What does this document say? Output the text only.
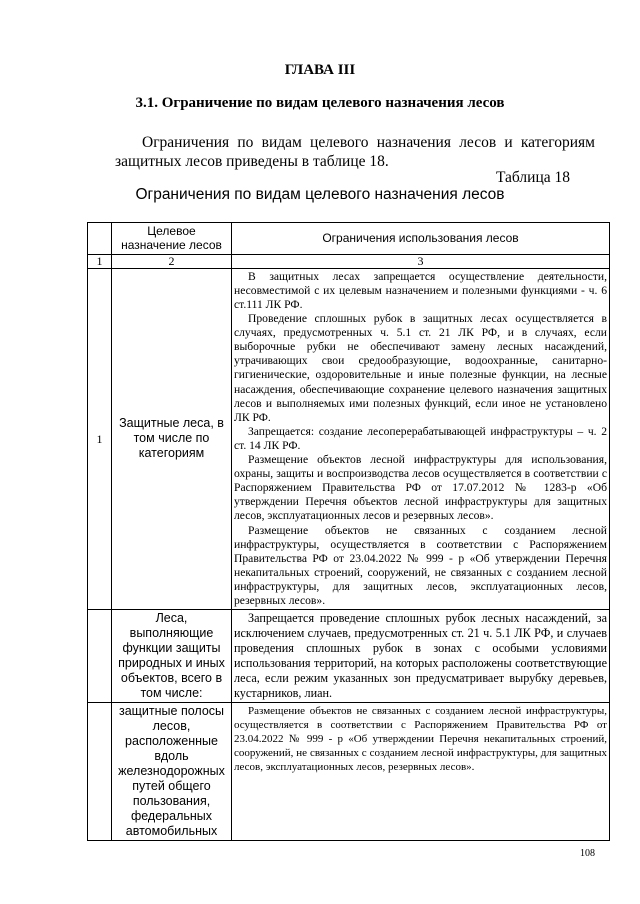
ГЛАВА III
3.1. Ограничение по видам целевого назначения лесов

Ограничения по видам целевого назначения лесов и категориям защитных лесов приведены в таблице 18.

Таблица 18
Ограничения по видам целевого назначения лесов
	Целевое назначение лесов	Ограничения использования лесов
1	2	3
1	Защитные леса, в том числе по категориям	В защитных лесах запрещается осуществление деятельности, несовместимой с их целевым назначением и полезными функциями - ч. 6 ст.111 ЛК РФ.

Проведение сплошных рубок в защитных лесах осуществляется в случаях, предусмотренных ч. 5.1 ст. 21 ЛК РФ, и в случаях, если выборочные рубки не обеспечивают замену лесных насаждений, утрачивающих свои средообразующие, водоохранные, санитарно-гигиенические, оздоровительные и иные полезные функции, на лесные насаждения, обеспечивающие сохранение целевого назначения защитных лесов и выполняемых ими полезных функций, если иное не установлено ЛК РФ.

Запрещается: создание лесоперерабатывающей инфраструктуры – ч. 2 ст. 14 ЛК РФ.

Размещение объектов лесной инфраструктуры для использования, охраны, защиты и воспроизводства лесов осуществляется в соответствии с Распоряжением Правительства РФ от 17.07.2012 № 1283-р «Об утверждении Перечня объектов лесной инфраструктуры для защитных лесов, эксплуатационных лесов и резервных лесов».

Размещение объектов не связанных с созданием лесной инфраструктуры, осуществляется в соответствии с Распоряжением Правительства РФ от 23.04.2022 № 999 - р «Об утверждении Перечня некапитальных строений, сооружений, не связанных с созданием лесной инфраструктуры, для защитных лесов, эксплуатационных лесов, резервных лесов».

	Леса, выполняющие функции защиты природных и иных объектов, всего в том числе:	Запрещается проведение сплошных рубок лесных насаждений, за исключением случаев, предусмотренных ст. 21 ч. 5.1 ЛК РФ, и случаев проведения сплошных рубок в зонах с особыми условиями использования территорий, на которых расположены соответствующие леса, если режим указанных зон предусматривает вырубку деревьев, кустарников, лиан.

	защитные полосы лесов, расположенные вдоль железнодорожных путей общего пользования, федеральных автомобильных	Размещение объектов не связанных с созданием лесной инфраструктуры, осуществляется в соответствии с Распоряжением Правительства РФ от 23.04.2022 № 999 - р «Об утверждении Перечня некапитальных строений, сооружений, не связанных с созданием лесной инфраструктуры, для защитных лесов, эксплуатационных лесов, резервных лесов».

108
